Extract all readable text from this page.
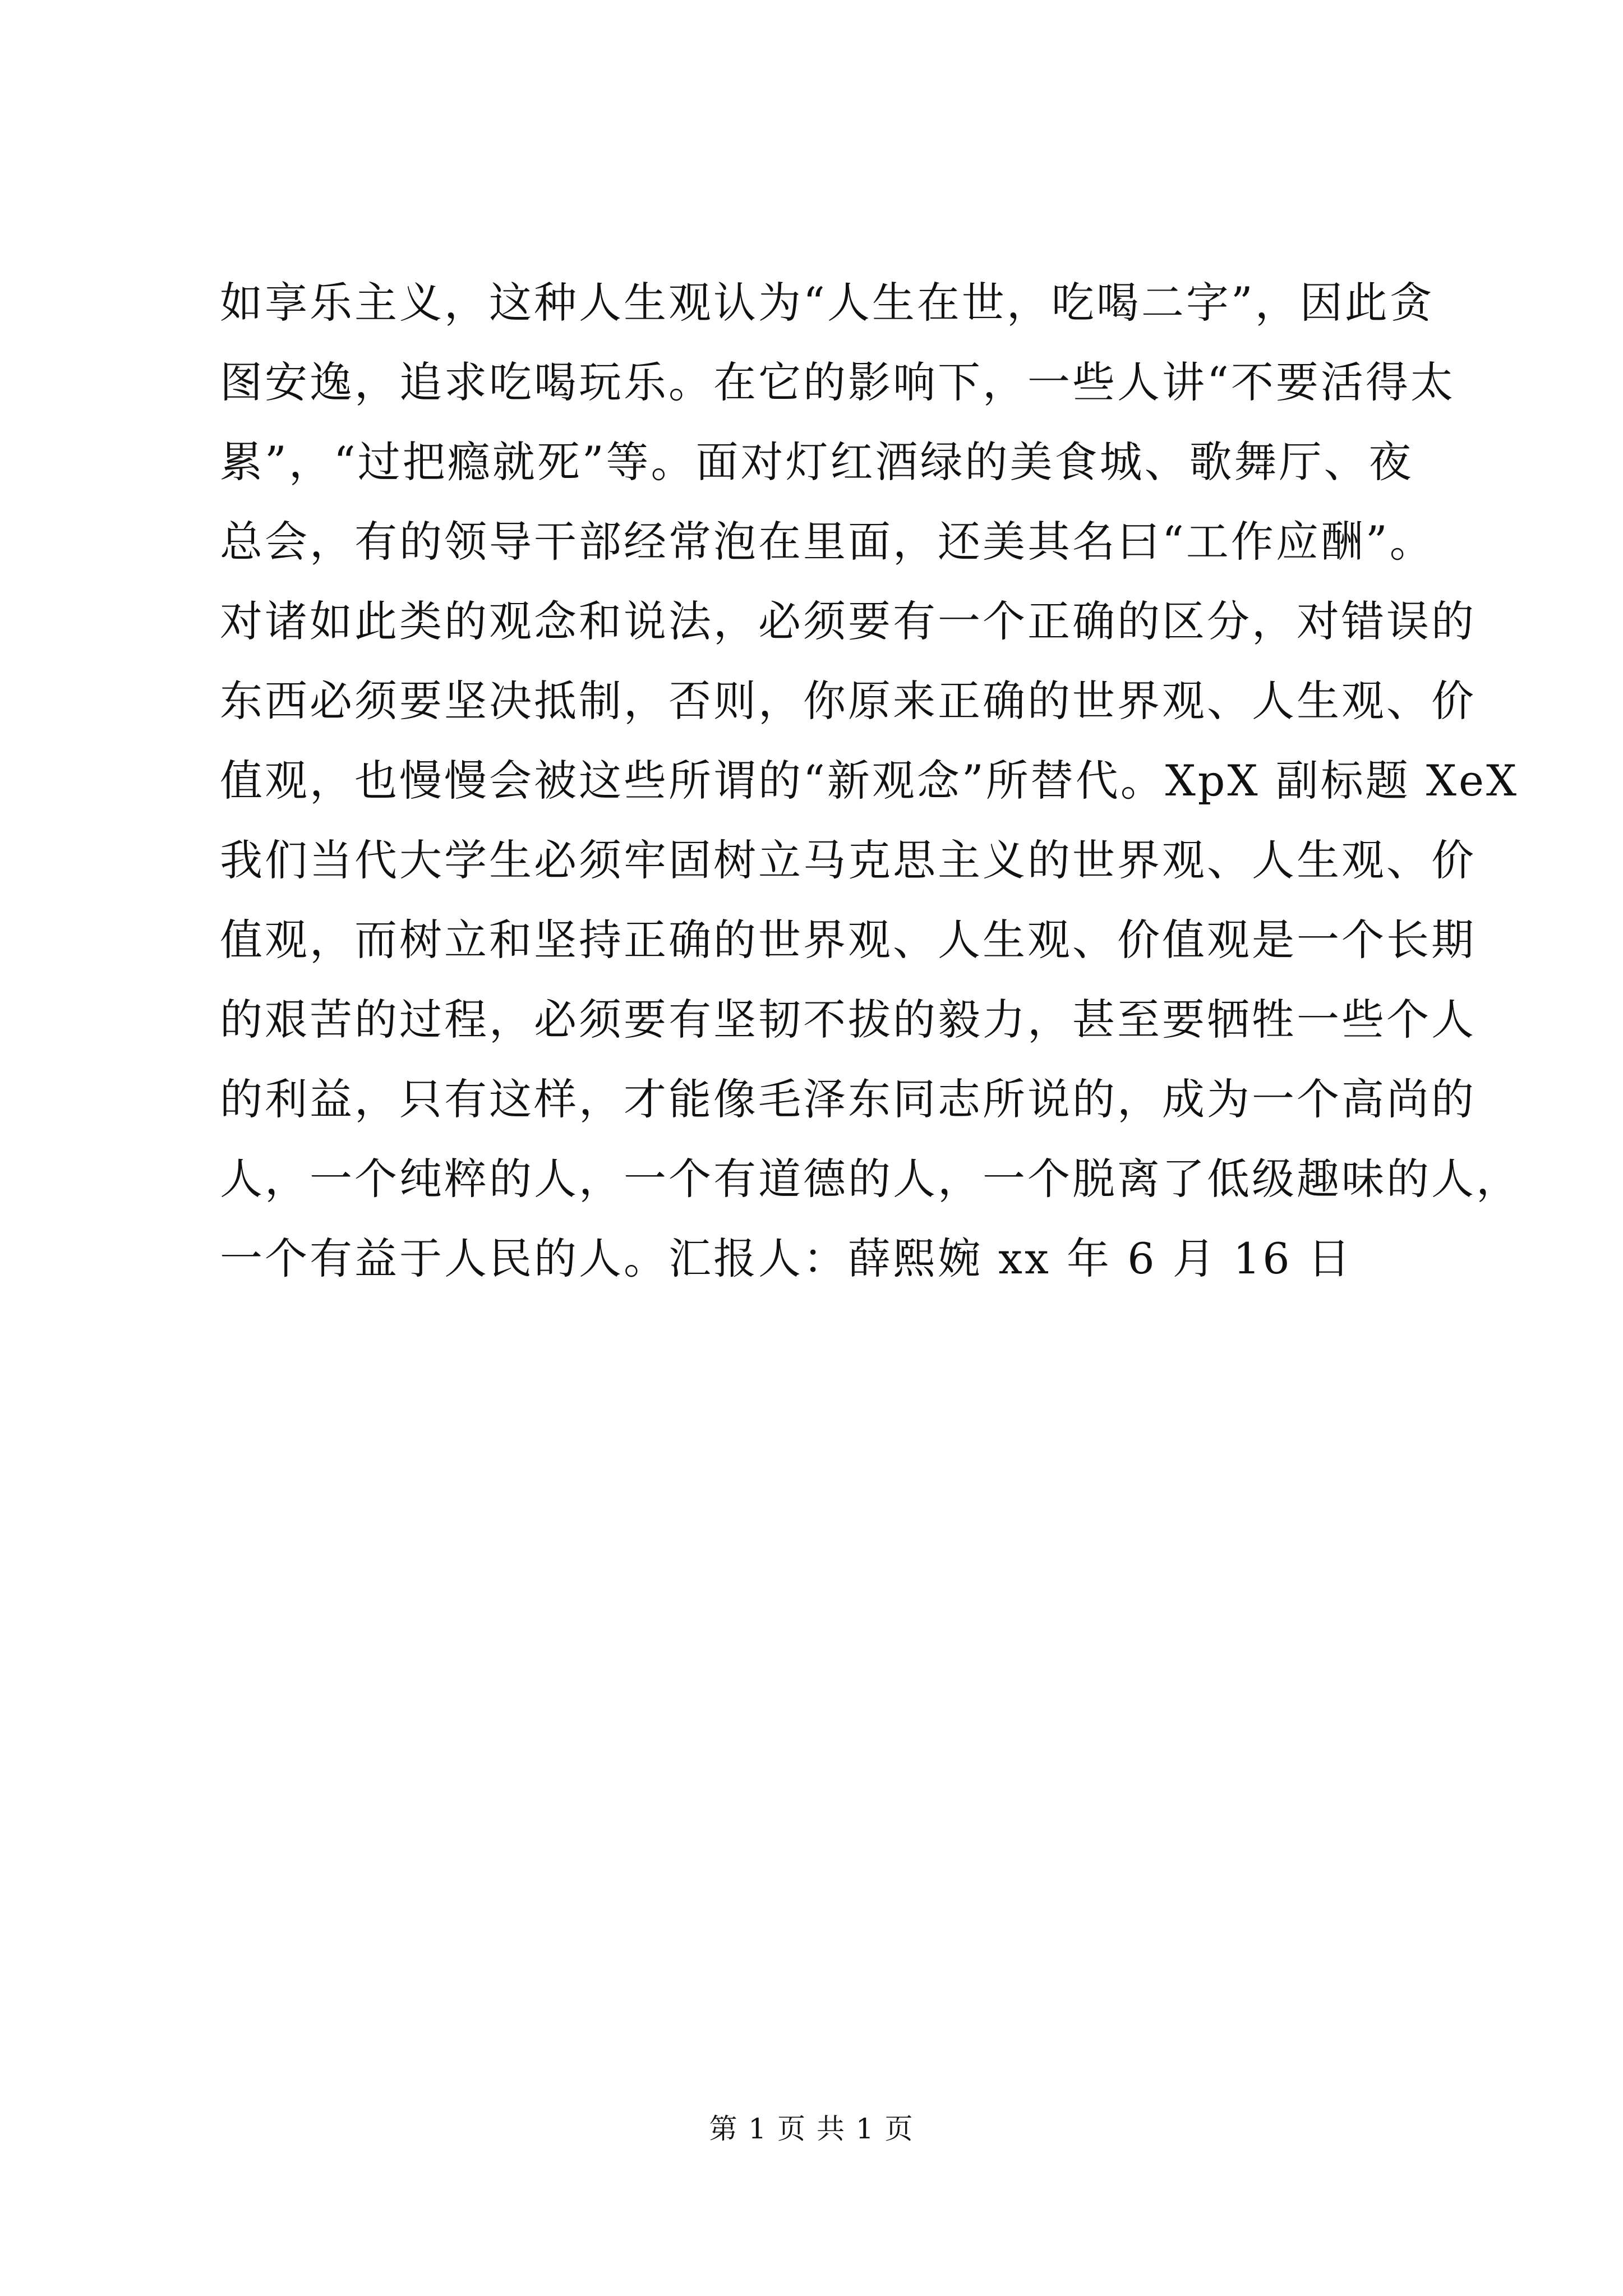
如享乐主义，这种人生观认为“人生在世，吃喝二字”，因此贪
图安逸，追求吃喝玩乐。在它的影响下，一些人讲“不要活得太
累”，“过把瘾就死”等。面对灯红酒绿的美食城、歌舞厅、夜
总会，有的领导干部经常泡在里面，还美其名曰“工作应酬”。
对诸如此类的观念和说法，必须要有一个正确的区分，对错误的
东西必须要坚决抵制，否则，你原来正确的世界观、人生观、价
值观，也慢慢会被这些所谓的“新观念”所替代。XpX 副标题 XeX
我们当代大学生必须牢固树立马克思主义的世界观、人生观、价
值观，而树立和坚持正确的世界观、人生观、价值观是一个长期
的艰苦的过程，必须要有坚韧不拔的毅力，甚至要牺牲一些个人
的利益，只有这样，才能像毛泽东同志所说的，成为一个高尚的
人，一个纯粹的人，一个有道德的人，一个脱离了低级趣味的人，
一个有益于人民的人。汇报人：薛熙婉 xx 年 6 月 16 日
第 1 页 共 1 页
